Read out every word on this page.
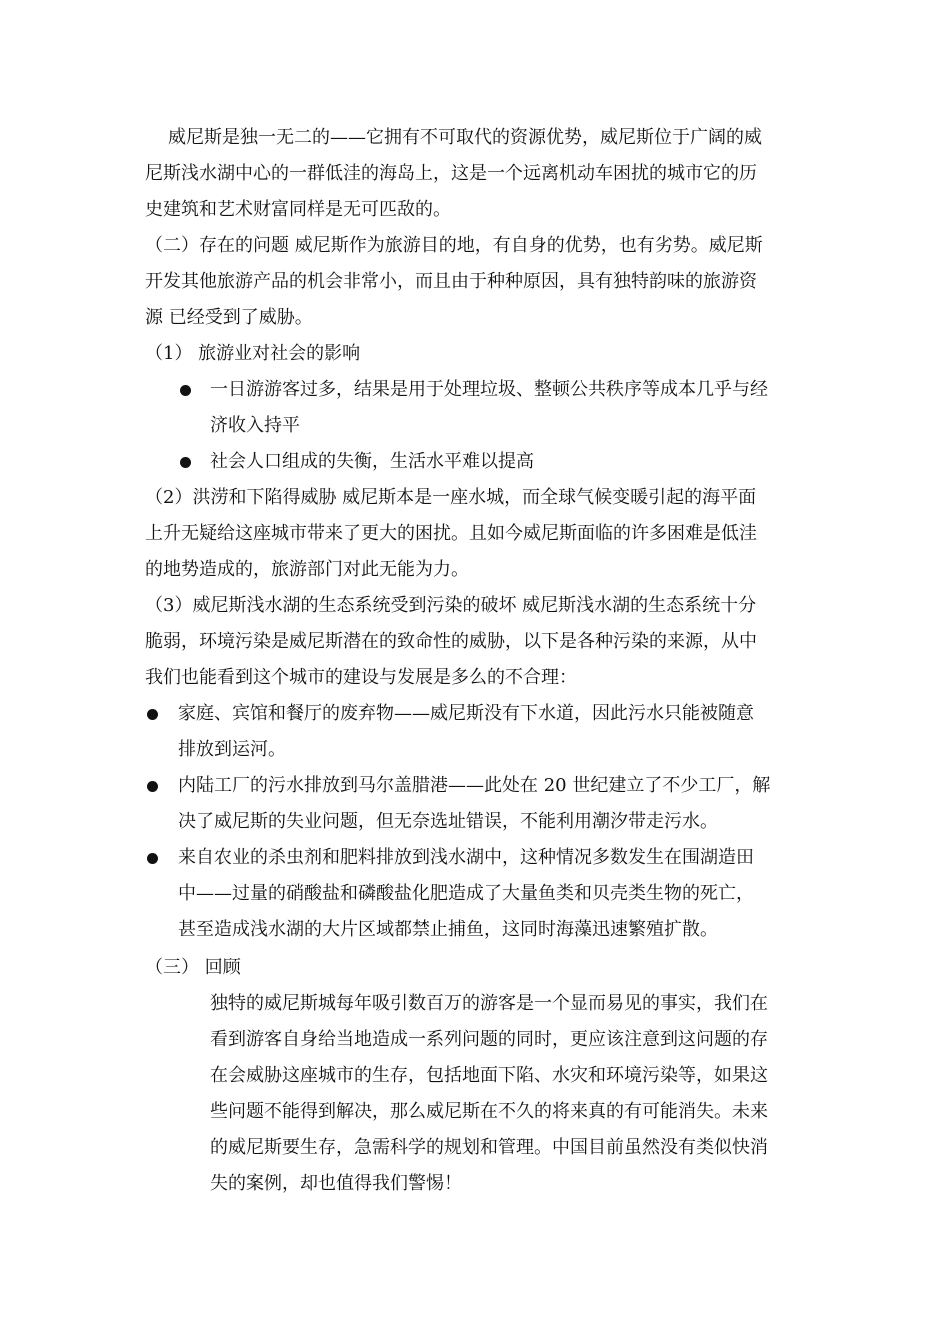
威尼斯是独一无二的——它拥有不可取代的资源优势，威尼斯位于广阔的威
尼斯浅水湖中心的一群低洼的海岛上，这是一个远离机动车困扰的城市它的历
史建筑和艺术财富同样是无可匹敌的。
（二）存在的问题 威尼斯作为旅游目的地，有自身的优势，也有劣势。威尼斯
开发其他旅游产品的机会非常小，而且由于种种原因，具有独特韵味的旅游资
源 已经受到了威胁。
（1） 旅游业对社会的影响
一日游游客过多，结果是用于处理垃圾、整顿公共秩序等成本几乎与经
济收入持平
社会人口组成的失衡，生活水平难以提高
（2）洪涝和下陷得威胁 威尼斯本是一座水城，而全球气候变暖引起的海平面
上升无疑给这座城市带来了更大的困扰。且如今威尼斯面临的许多困难是低洼
的地势造成的，旅游部门对此无能为力。
（3）威尼斯浅水湖的生态系统受到污染的破坏 威尼斯浅水湖的生态系统十分
脆弱，环境污染是威尼斯潜在的致命性的威胁，以下是各种污染的来源，从中
我们也能看到这个城市的建设与发展是多么的不合理：
家庭、宾馆和餐厅的废弃物——威尼斯没有下水道，因此污水只能被随意
排放到运河。
内陆工厂的污水排放到马尔盖腊港——此处在 20 世纪建立了不少工厂，解
决了威尼斯的失业问题，但无奈选址错误，不能利用潮汐带走污水。
来自农业的杀虫剂和肥料排放到浅水湖中，这种情况多数发生在围湖造田
中——过量的硝酸盐和磷酸盐化肥造成了大量鱼类和贝壳类生物的死亡，
甚至造成浅水湖的大片区域都禁止捕鱼，这同时海藻迅速繁殖扩散。
（三） 回顾
独特的威尼斯城每年吸引数百万的游客是一个显而易见的事实，我们在
看到游客自身给当地造成一系列问题的同时，更应该注意到这问题的存
在会威胁这座城市的生存，包括地面下陷、水灾和环境污染等，如果这
些问题不能得到解决，那么威尼斯在不久的将来真的有可能消失。未来
的威尼斯要生存，急需科学的规划和管理。中国目前虽然没有类似快消
失的案例，却也值得我们警惕！
